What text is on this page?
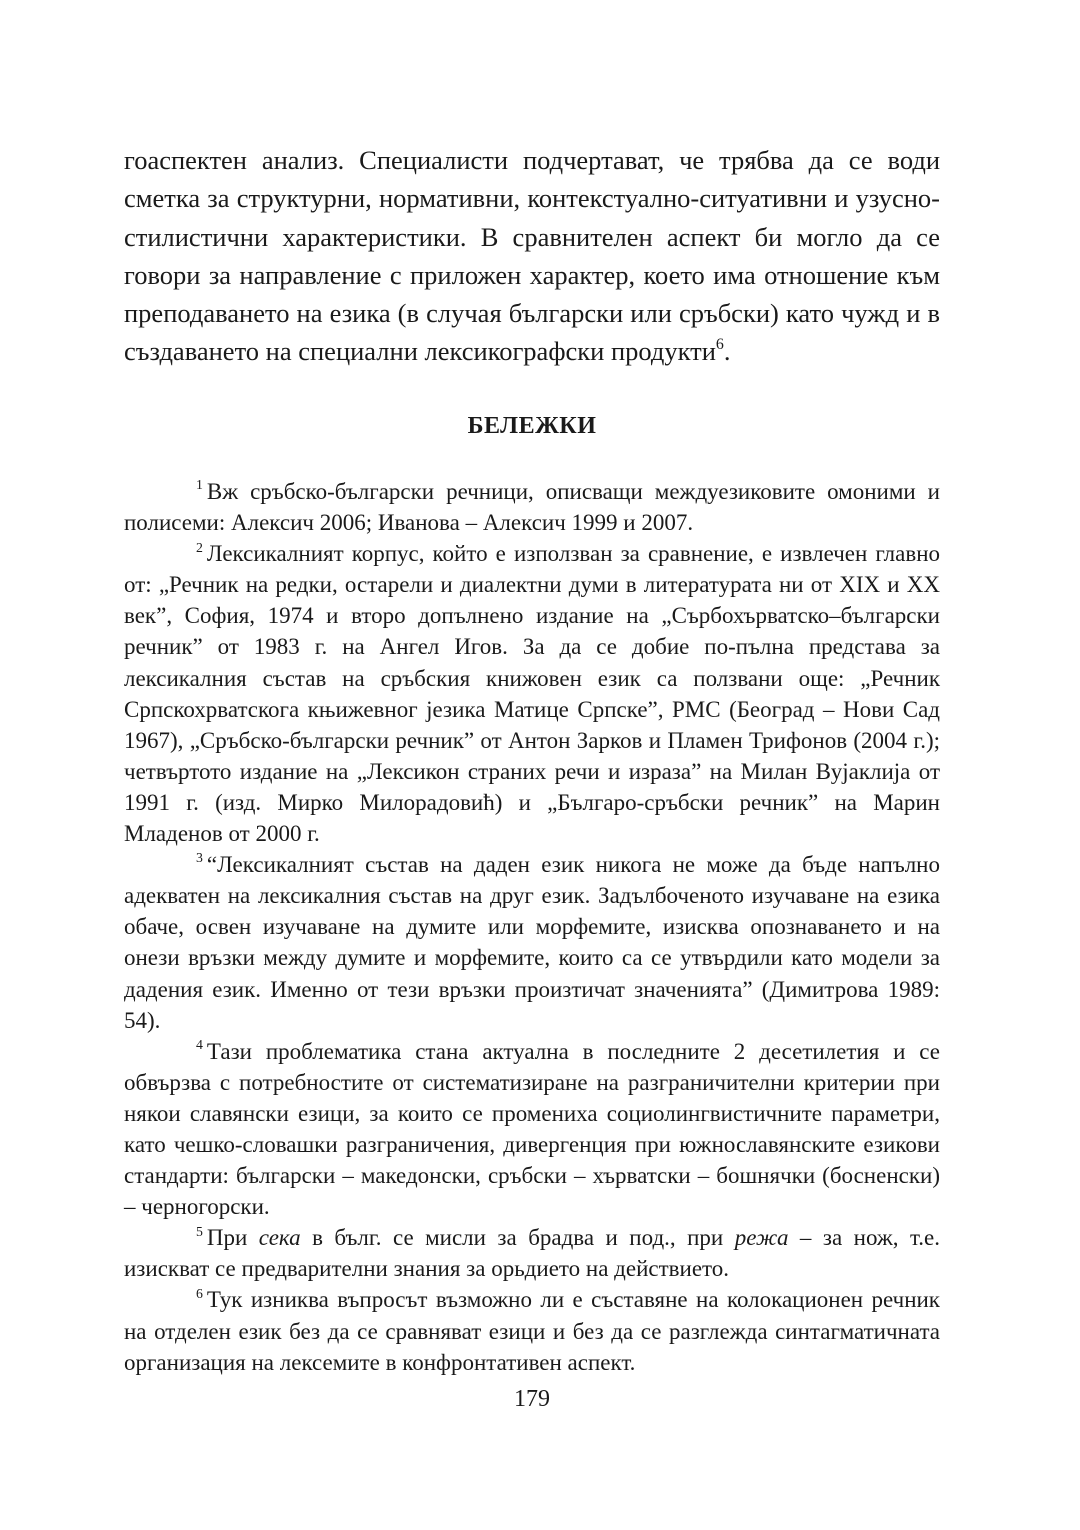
гоаспектен анализ. Специалисти подчертават, че трябва да се води сметка за структурни, нормативни, контекстуално-ситуативни и узусно-стилистични характеристики. В сравнителен аспект би могло да се говори за направление с приложен характер, което има отношение към преподаването на езика (в случая български или сръбски) като чужд и в създаването на специални лексикографски продукти$^6$.

БЕЛЕЖКИ

$^1$ Вж сръбско-български речници, описващи междуезиковите омоними и полисеми: Алексич 2006; Иванова – Алексич 1999 и 2007.

$^2$ Лексикалният корпус, който е използван за сравнение, е извлечен главно от: „Речник на редки, остарели и диалектни думи в литературата ни от XIX и XX век”, София, 1974 и второ допълнено издание на „Сърбохърватско–български речник” от 1983 г. на Ангел Игов. За да се добие по-пълна представа за лексикалния състав на сръбския книжовен език са ползвани още: „Речник Српскохрватскога књижевног језика Матице Српске”, РМС (Београд – Нови Сад 1967), „Сръбско-български речник” от Антон Зарков и Пламен Трифонов (2004 г.); четвъртото издание на „Лексикон страних речи и израза” на Милан Вујаклија от 1991 г. (изд. Мирко Милорадовић) и „Българо-сръбски речник” на Марин Младенов от 2000 г.

$^3$ “Лексикалният състав на даден език никога не може да бъде напълно адекватен на лексикалния състав на друг език. Задълбоченото изучаване на езика обаче, освен изучаване на думите или морфемите, изисква опознаването и на онези връзки между думите и морфемите, които са се утвърдили като модели за дадения език. Именно от тези връзки произтичат значенията” (Димитрова 1989: 54).

$^4$ Тази проблематика стана актуална в последните 2 десетилетия и се обвързва с потребностите от систематизиране на разграничителни критерии при някои славянски езици, за които се промениха социолингвистичните параметри, като чешко-словашки разграничения, дивергенция при южнославянските езикови стандарти: български – македонски, сръбски – хърватски – бошнячки (босненски) – черногорски.

$^5$ При сека в бълг. се мисли за брадва и под., при режа – за нож, т.е. изискват се предварителни знания за орьдието на действието.

$^6$ Тук изниква въпросът възможно ли е съставяне на колокационен речник на отделен език без да се сравняват езици и без да се разглежда синтагматичната организация на лексемите в конфронтативен аспект.

179
